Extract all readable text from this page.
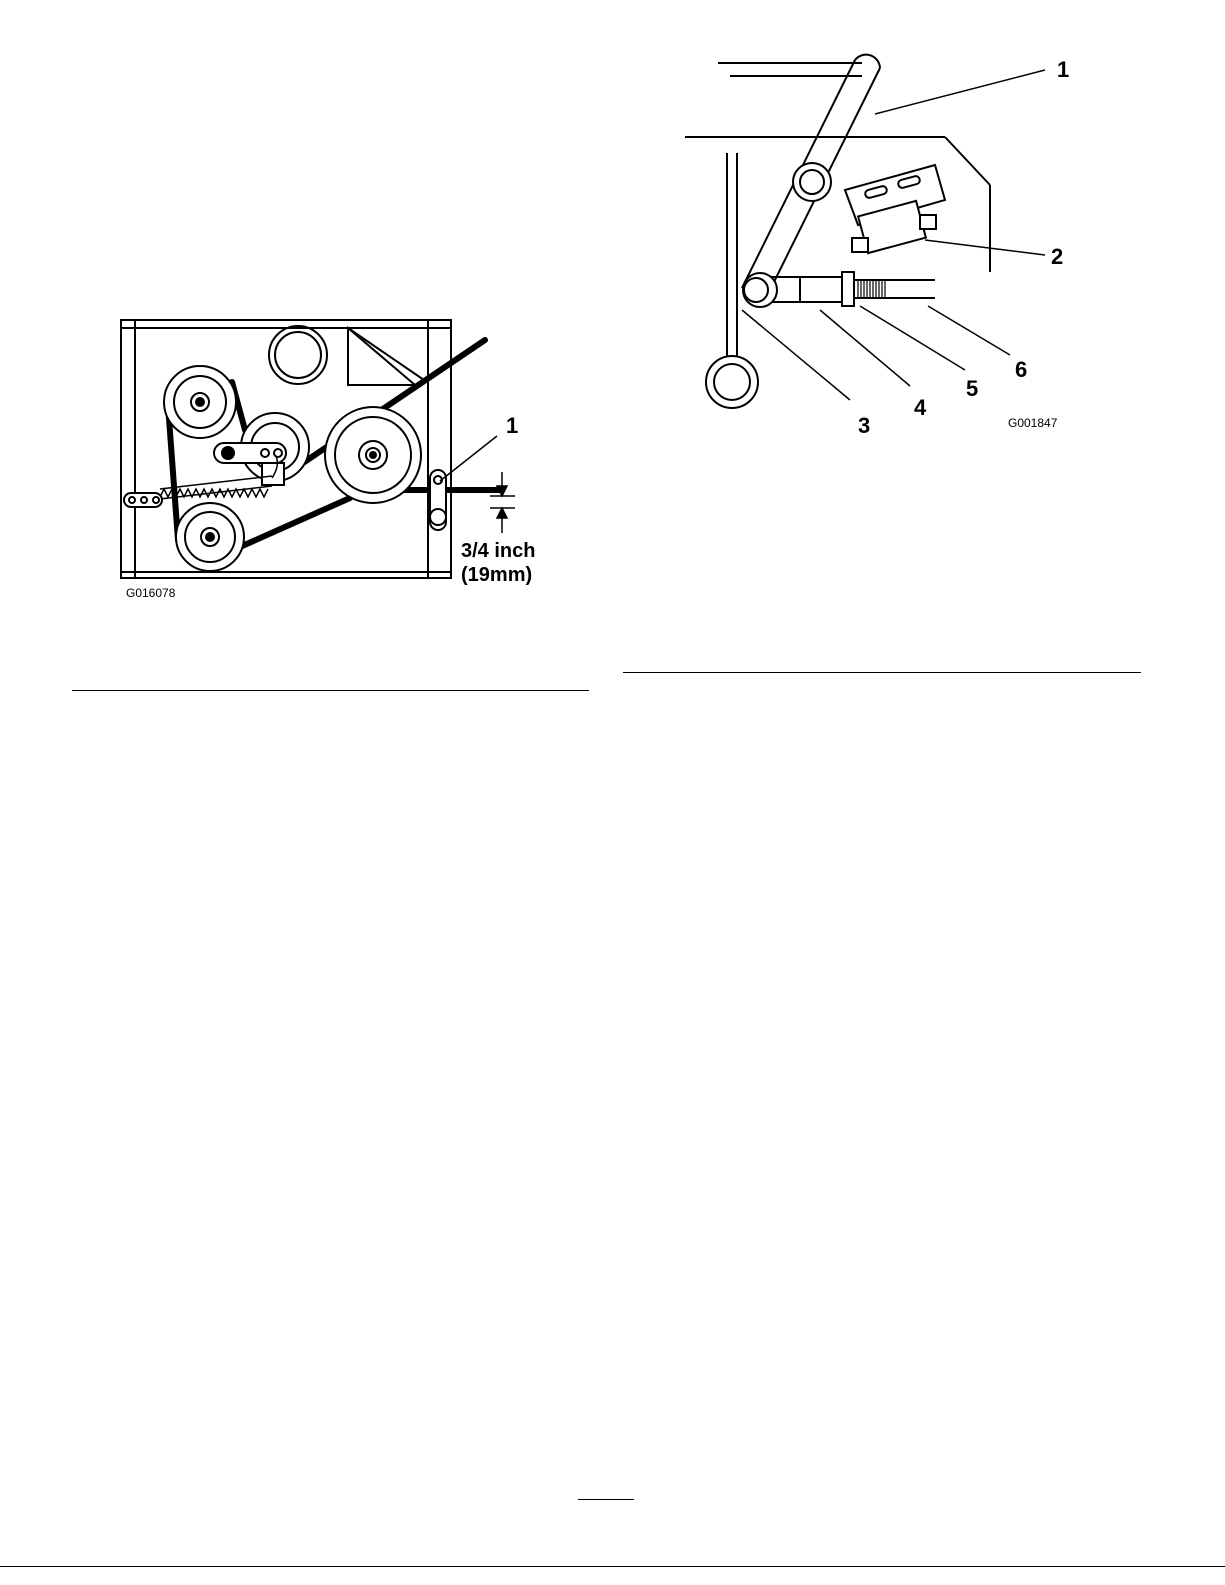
1
3/4 inch
(19mm)
G016078
1
2
3
4
5
6
G001847
